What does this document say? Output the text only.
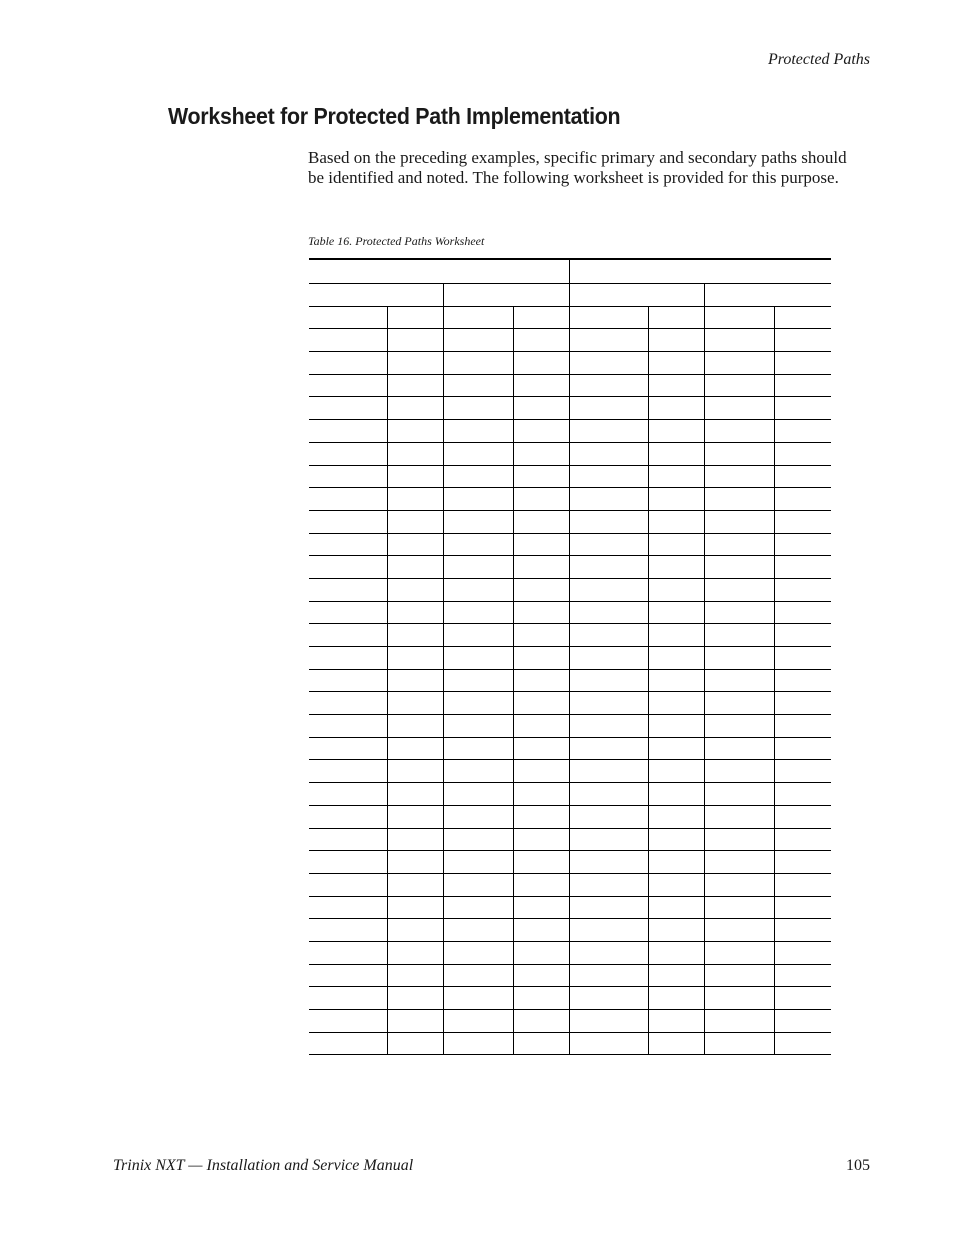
Protected Paths
Worksheet for Protected Path Implementation

Based on the preceding examples, specific primary and secondary paths should be identified and noted. The following worksheet is provided for this purpose.

Table 16. Protected Paths Worksheet

Trinix NXT — Installation and Service Manual	105
